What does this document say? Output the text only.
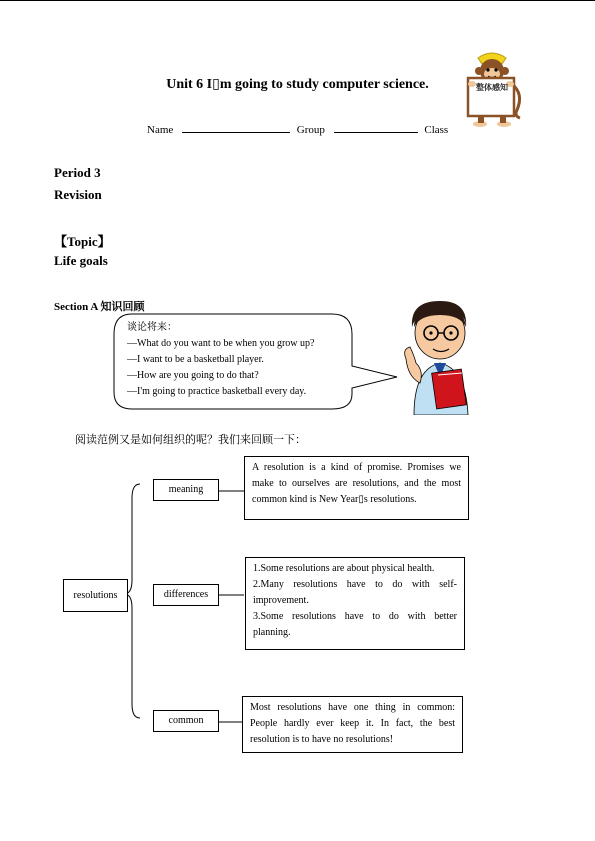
Unit 6 I▯m going to study computer science.	整体感知
Name	Group	Class
Period 3
Revision
【Topic】
Life goals
Section A 知识回顾
谈论将来：
—What do you want to be when you grow up?
—I want to be a basketball player.
—How are you going to do that?
—I'm going to practice basketball every day.
阅读范例又是如何组织的呢？我们来回顾一下：
resolutions
meaning
A resolution is a kind of promise. Promises we make to ourselves are resolutions, and the most common kind is New Year▯s resolutions.
differences
1.Some resolutions are about physical health.
2.Many resolutions have to do with self-improvement.
3.Some resolutions have to do with better planning.
common
Most resolutions have one thing in common: People hardly ever keep it. In fact, the best resolution is to have no resolutions!
